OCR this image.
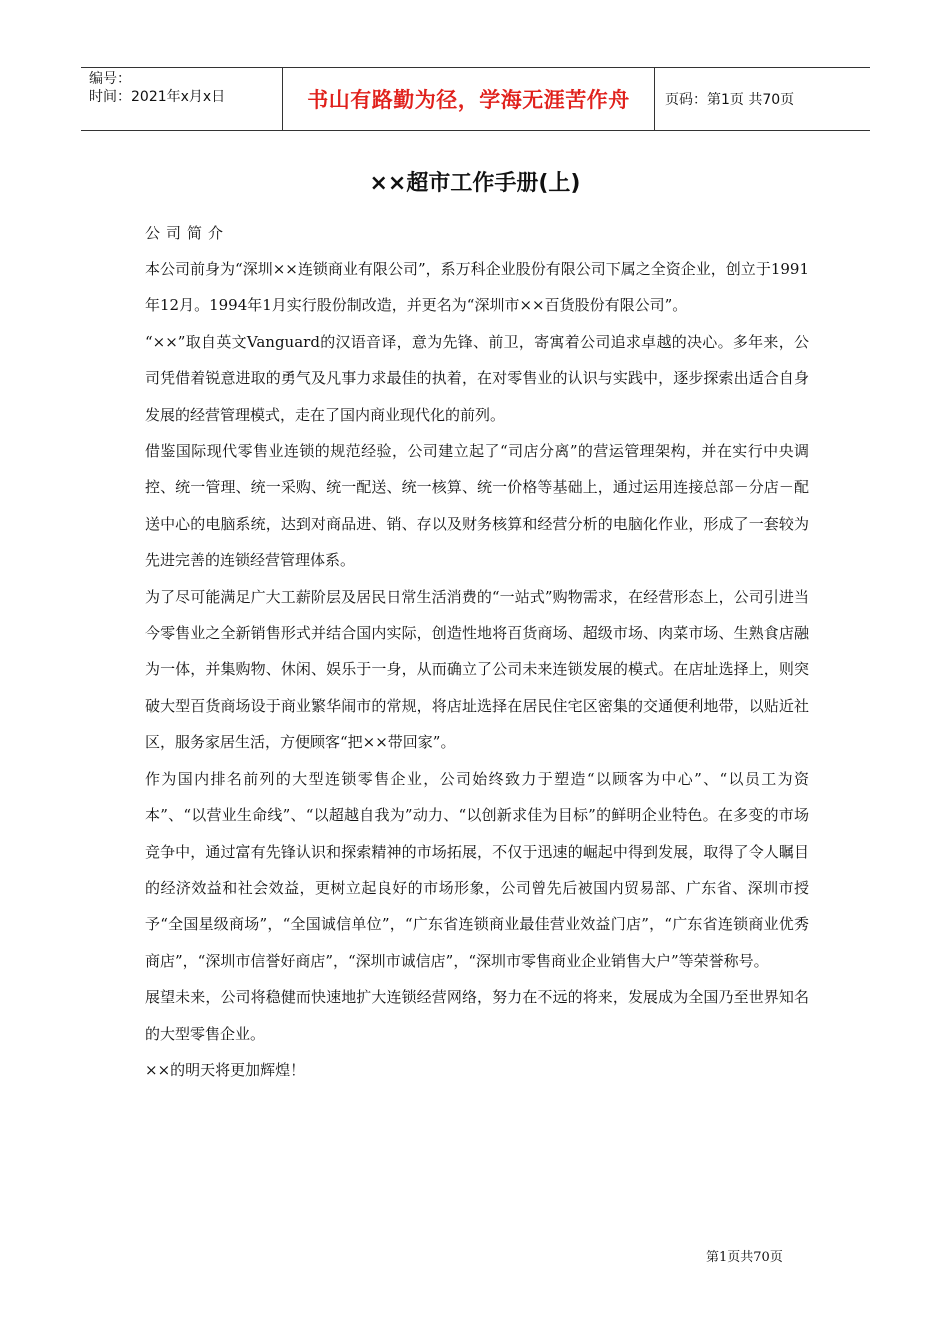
编号：
时间：2021年x月x日	书山有路勤为径，学海无涯苦作舟	页码：第1页 共70页
××超市工作手册(上)
公司简介

本公司前身为“深圳××连锁商业有限公司”，系万科企业股份有限公司下属之全资企业，创立于1991年12月。1994年1月实行股份制改造，并更名为“深圳市××百货股份有限公司”。

“××”取自英文Vanguard的汉语音译，意为先锋、前卫，寄寓着公司追求卓越的决心。多年来，公司凭借着锐意进取的勇气及凡事力求最佳的执着，在对零售业的认识与实践中，逐步探索出适合自身发展的经营管理模式，走在了国内商业现代化的前列。

借鉴国际现代零售业连锁的规范经验，公司建立起了“司店分离”的营运管理架构，并在实行中央调控、统一管理、统一采购、统一配送、统一核算、统一价格等基础上，通过运用连接总部－分店－配送中心的电脑系统，达到对商品进、销、存以及财务核算和经营分析的电脑化作业，形成了一套较为先进完善的连锁经营管理体系。

为了尽可能满足广大工薪阶层及居民日常生活消费的“一站式”购物需求，在经营形态上，公司引进当今零售业之全新销售形式并结合国内实际，创造性地将百货商场、超级市场、肉菜市场、生熟食店融为一体，并集购物、休闲、娱乐于一身，从而确立了公司未来连锁发展的模式。在店址选择上，则突破大型百货商场设于商业繁华闹市的常规，将店址选择在居民住宅区密集的交通便利地带，以贴近社区，服务家居生活，方便顾客“把××带回家”。

作为国内排名前列的大型连锁零售企业，公司始终致力于塑造“以顾客为中心”、“以员工为资本”、“以营业生命线”、“以超越自我为”动力、“以创新求佳为目标”的鲜明企业特色。在多变的市场竞争中，通过富有先锋认识和探索精神的市场拓展，不仅于迅速的崛起中得到发展，取得了令人瞩目的经济效益和社会效益，更树立起良好的市场形象，公司曾先后被国内贸易部、广东省、深圳市授予“全国星级商场”，“全国诚信单位”，“广东省连锁商业最佳营业效益门店”，“广东省连锁商业优秀商店”，“深圳市信誉好商店”，“深圳市诚信店”，“深圳市零售商业企业销售大户”等荣誉称号。

展望未来，公司将稳健而快速地扩大连锁经营网络，努力在不远的将来，发展成为全国乃至世界知名的大型零售企业。

××的明天将更加辉煌！

第1页共70页
